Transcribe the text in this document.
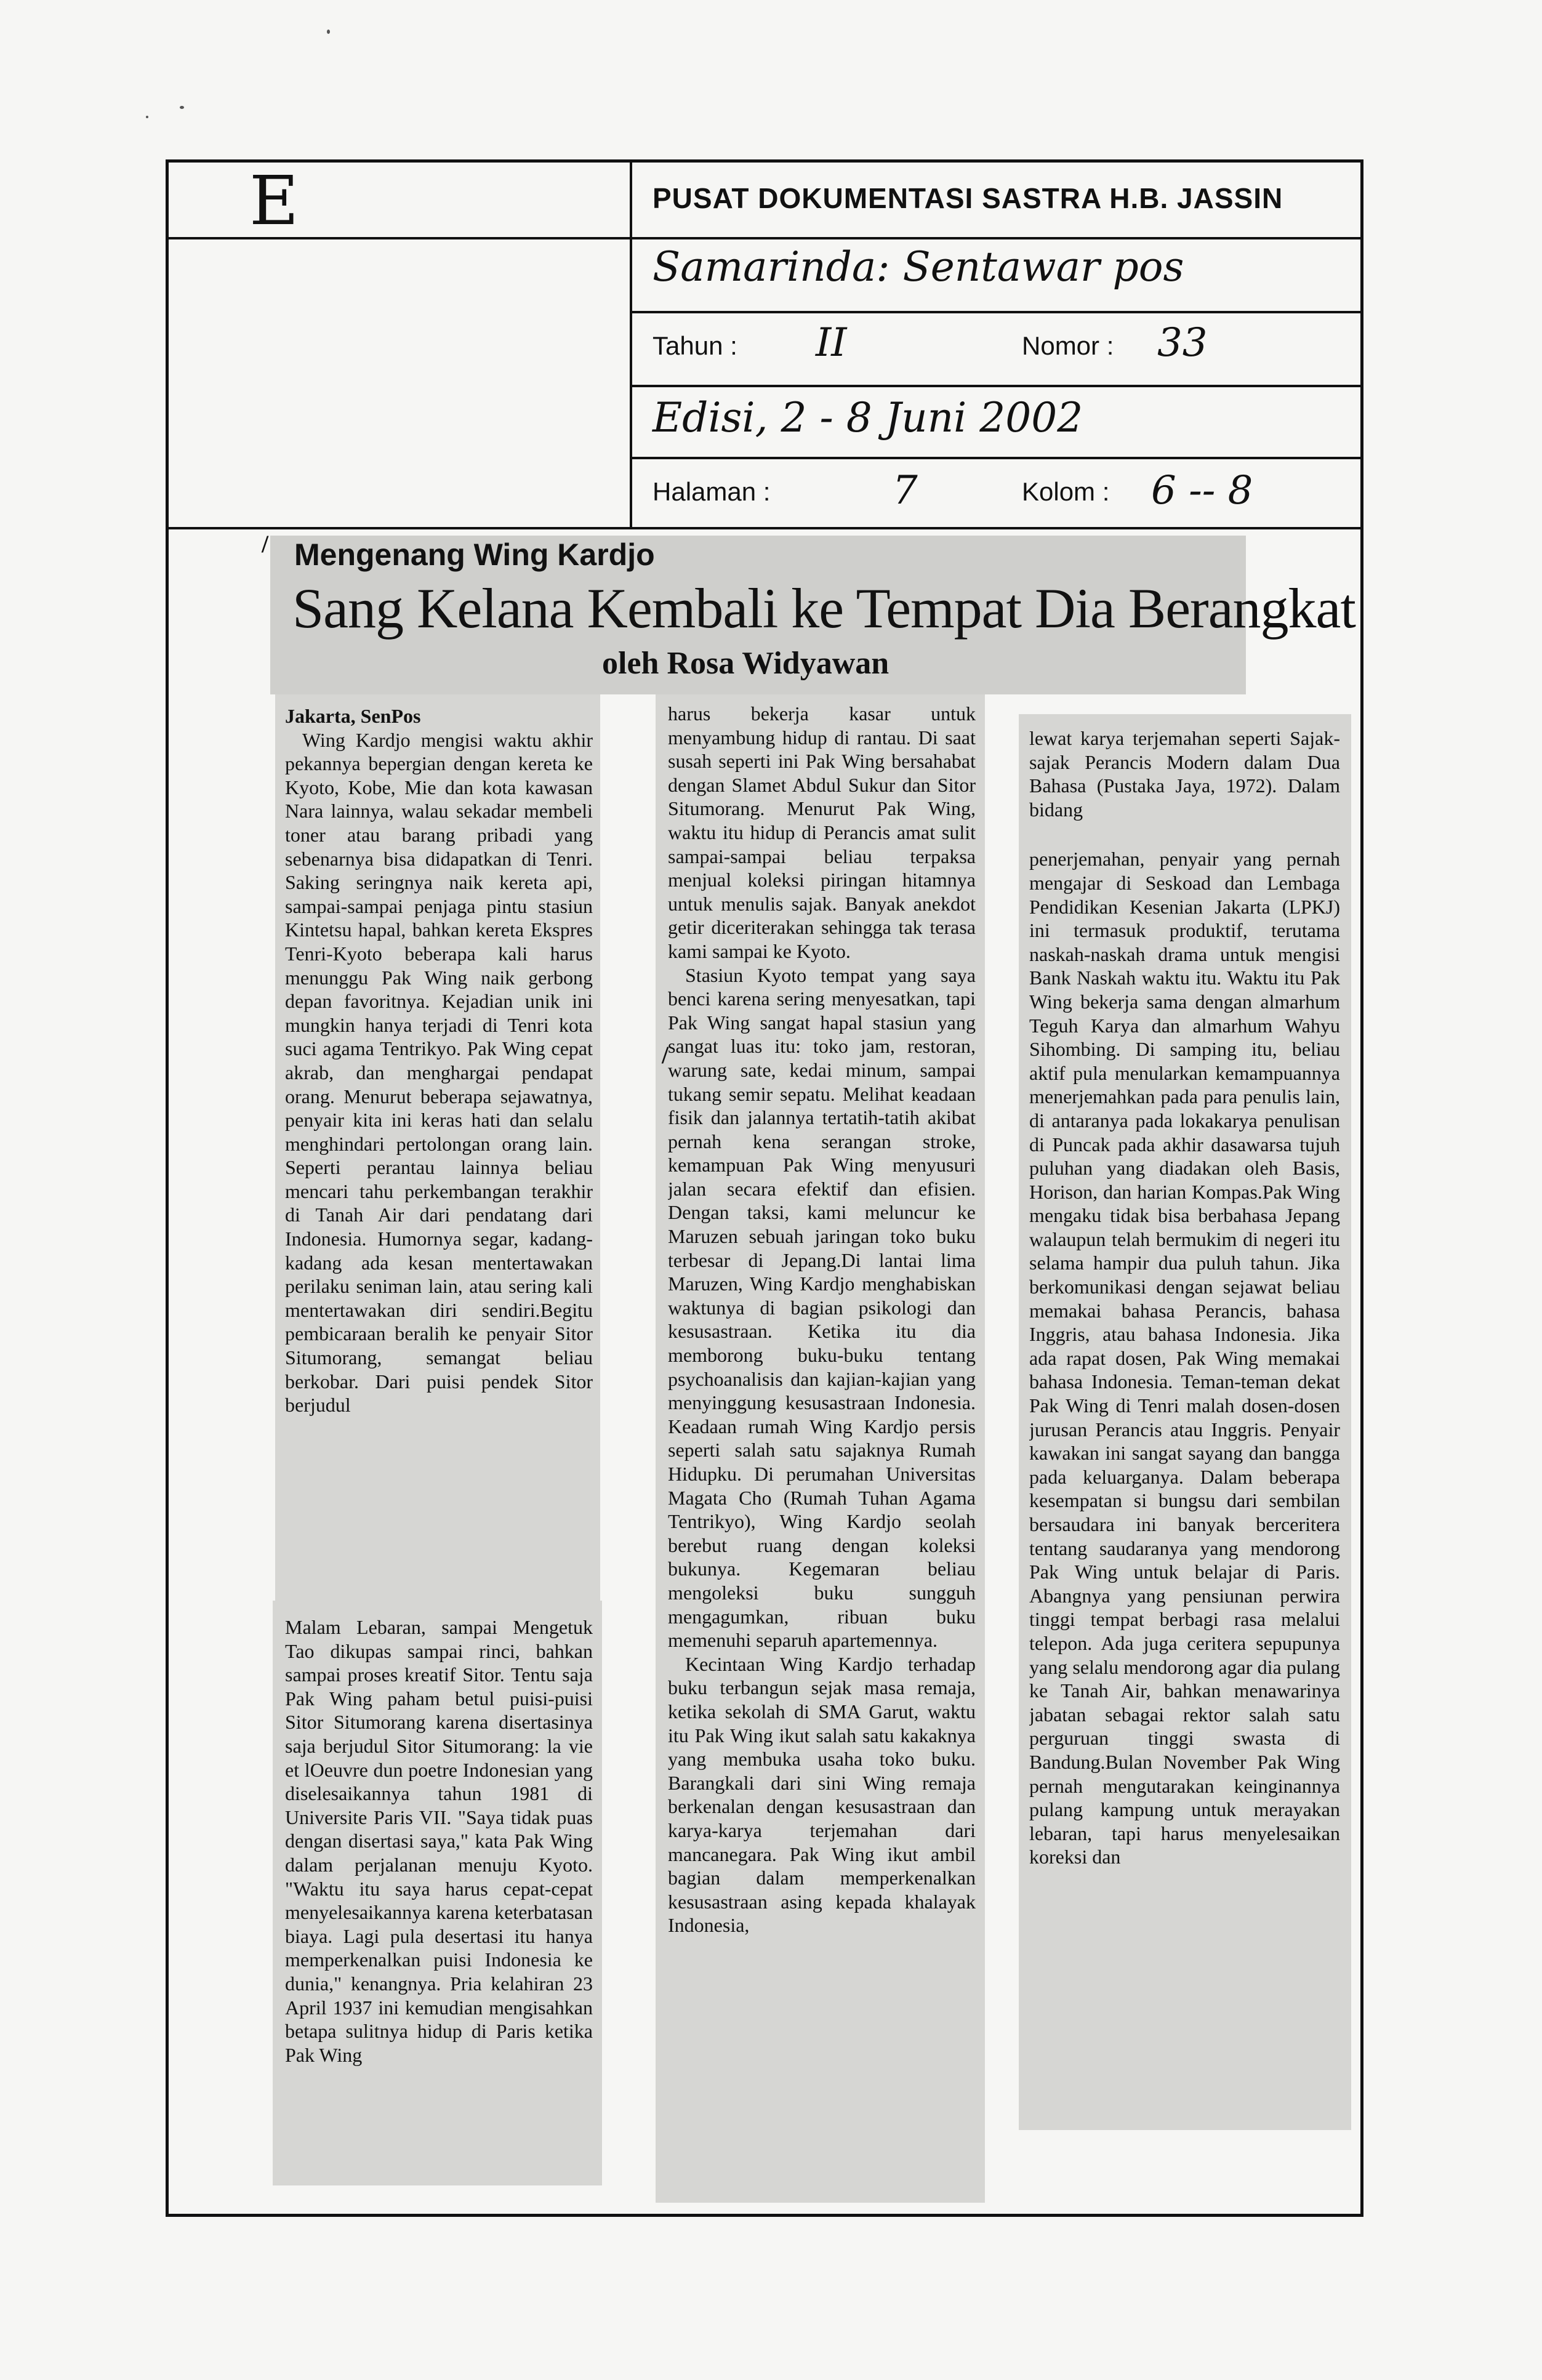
E	PUSAT DOKUMENTASI SASTRA H.B. JASSIN
Samarinda: Sentawar pos
Tahun : II	Nomor : 33
Edisi, 2 - 8 Juni 2002
Halaman :	7	Kolom : 6 -- 8
Mengenang Wing Kardjo
Sang Kelana Kembali ke Tempat Dia Berangkat
oleh Rosa Widyawan

Jakarta, SenPos

Wing Kardjo mengisi waktu akhir pekannya bepergian dengan kereta ke Kyoto, Kobe, Mie dan kota kawasan Nara lainnya, walau sekadar membeli toner atau barang pribadi yang sebenarnya bisa didapatkan di Tenri. Saking seringnya naik kereta api, sampai-sampai penjaga pintu stasiun Kintetsu hapal, bahkan kereta Ekspres Tenri-Kyoto beberapa kali harus menunggu Pak Wing naik gerbong depan favoritnya. Kejadian unik ini mungkin hanya terjadi di Tenri kota suci agama Tentrikyo. Pak Wing cepat akrab, dan menghargai pendapat orang. Menurut beberapa sejawatnya, penyair kita ini keras hati dan selalu menghindari pertolongan orang lain. Seperti perantau lainnya beliau mencari tahu perkembangan terakhir di Tanah Air dari pendatang dari Indonesia. Humornya segar, kadang-kadang ada kesan mentertawakan perilaku seniman lain, atau sering kali mentertawakan diri sendiri.Begitu pembicaraan beralih ke penyair Sitor Situmorang, semangat beliau berkobar. Dari puisi pendek Sitor berjudul

Malam Lebaran, sampai Mengetuk Tao dikupas sampai rinci, bahkan sampai proses kreatif Sitor. Tentu saja Pak Wing paham betul puisi-puisi Sitor Situmorang karena disertasinya saja berjudul Sitor Situmorang: la vie et lOeuvre dun poetre Indonesian yang diselesaikannya tahun 1981 di Universite Paris VII. "Saya tidak puas dengan disertasi saya," kata Pak Wing dalam perjalanan menuju Kyoto. "Waktu itu saya harus cepat-cepat menyelesaikannya karena keterbatasan biaya. Lagi pula desertasi itu hanya memperkenalkan puisi Indonesia ke dunia," kenangnya. Pria kelahiran 23 April 1937 ini kemudian mengisahkan betapa sulitnya hidup di Paris ketika Pak Wing

harus bekerja kasar untuk menyambung hidup di rantau. Di saat susah seperti ini Pak Wing bersahabat dengan Slamet Abdul Sukur dan Sitor Situmorang. Menurut Pak Wing, waktu itu hidup di Perancis amat sulit sampai-sampai beliau terpaksa menjual koleksi piringan hitamnya untuk menulis sajak. Banyak anekdot getir diceriterakan sehingga tak terasa kami sampai ke Kyoto.

Stasiun Kyoto tempat yang saya benci karena sering menyesatkan, tapi Pak Wing sangat hapal stasiun yang sangat luas itu: toko jam, restoran, warung sate, kedai minum, sampai tukang semir sepatu. Melihat keadaan fisik dan jalannya tertatih-tatih akibat pernah kena serangan stroke, kemampuan Pak Wing menyusuri jalan secara efektif dan efisien. Dengan taksi, kami meluncur ke Maruzen sebuah jaringan toko buku terbesar di Jepang.Di lantai lima Maruzen, Wing Kardjo menghabiskan waktunya di bagian psikologi dan kesusastraan. Ketika itu dia memborong buku-buku tentang psychoanalisis dan kajian-kajian yang menyinggung kesusastraan Indonesia. Keadaan rumah Wing Kardjo persis seperti salah satu sajaknya Rumah Hidupku. Di perumahan Universitas Magata Cho (Rumah Tuhan Agama Tentrikyo), Wing Kardjo seolah berebut ruang dengan koleksi bukunya. Kegemaran beliau mengoleksi buku sungguh mengagumkan, ribuan buku memenuhi separuh apartemennya.

Kecintaan Wing Kardjo terhadap buku terbangun sejak masa remaja, ketika sekolah di SMA Garut, waktu itu Pak Wing ikut salah satu kakaknya yang membuka usaha toko buku. Barangkali dari sini Wing remaja berkenalan dengan kesusastraan dan karya-karya terjemahan dari mancanegara. Pak Wing ikut ambil bagian dalam memperkenalkan kesusastraan asing kepada khalayak Indonesia,

lewat karya terjemahan seperti Sajak-sajak Perancis Modern dalam Dua Bahasa (Pustaka Jaya, 1972). Dalam bidang

penerjemahan, penyair yang pernah mengajar di Seskoad dan Lembaga Pendidikan Kesenian Jakarta (LPKJ) ini termasuk produktif, terutama naskah-naskah drama untuk mengisi Bank Naskah waktu itu. Waktu itu Pak Wing bekerja sama dengan almarhum Teguh Karya dan almarhum Wahyu Sihombing. Di samping itu, beliau aktif pula menularkan kemampuannya menerjemahkan pada para penulis lain, di antaranya pada lokakarya penulisan di Puncak pada akhir dasawarsa tujuh puluhan yang diadakan oleh Basis, Horison, dan harian Kompas.Pak Wing mengaku tidak bisa berbahasa Jepang walaupun telah bermukim di negeri itu selama hampir dua puluh tahun. Jika berkomunikasi dengan sejawat beliau memakai bahasa Perancis, bahasa Inggris, atau bahasa Indonesia. Jika ada rapat dosen, Pak Wing memakai bahasa Indonesia. Teman-teman dekat Pak Wing di Tenri malah dosen-dosen jurusan Perancis atau Inggris. Penyair kawakan ini sangat sayang dan bangga pada keluarganya. Dalam beberapa kesempatan si bungsu dari sembilan bersaudara ini banyak berceritera tentang saudaranya yang mendorong Pak Wing untuk belajar di Paris. Abangnya yang pensiunan perwira tinggi tempat berbagi rasa melalui telepon. Ada juga ceritera sepupunya yang selalu mendorong agar dia pulang ke Tanah Air, bahkan menawarinya jabatan sebagai rektor salah satu perguruan tinggi swasta di Bandung.Bulan November Pak Wing pernah mengutarakan keinginannya pulang kampung untuk merayakan lebaran, tapi harus menyelesaikan koreksi dan

/
/
